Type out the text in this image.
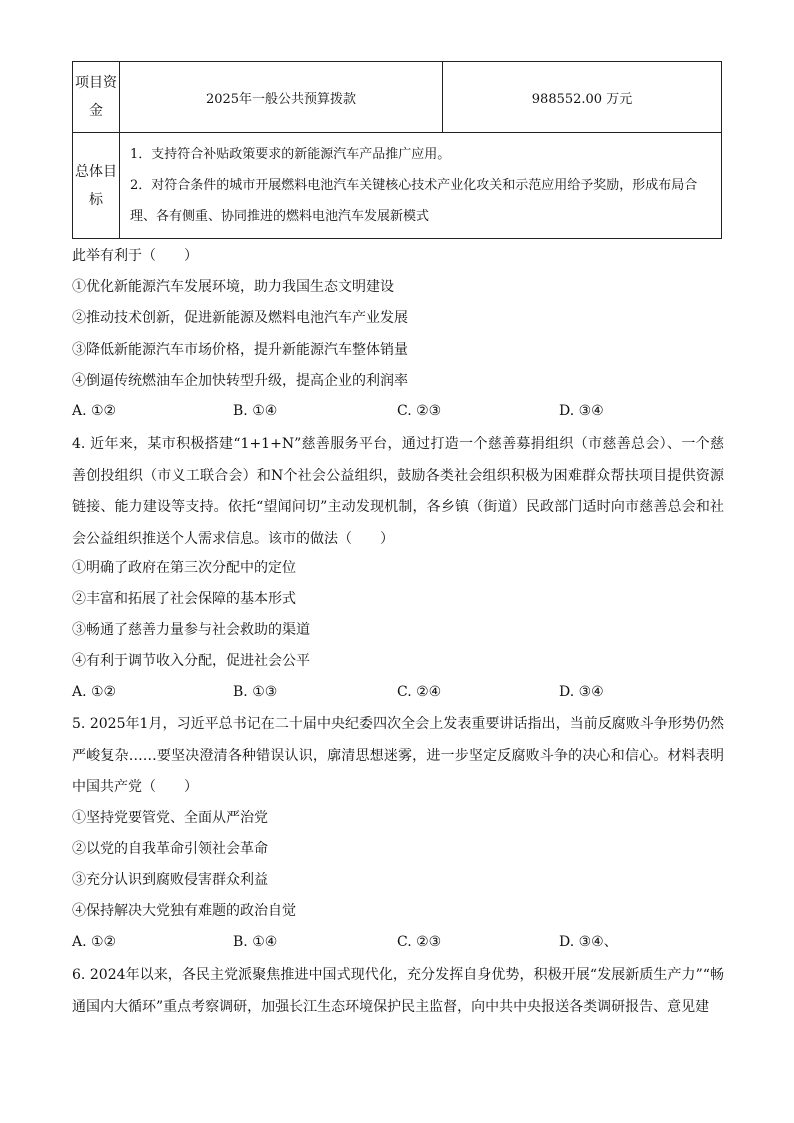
项目资金	2025年一般公共预算拨款	988552.00 万元
总体目标	1．支持符合补贴政策要求的新能源汽车产品推广应用。
2．对符合条件的城市开展燃料电池汽车关键核心技术产业化攻关和示范应用给予奖励，形成布局合理、各有侧重、协同推进的燃料电池汽车发展新模式	
此举有利于（　　）
①优化新能源汽车发展环境，助力我国生态文明建设
②推动技术创新，促进新能源及燃料电池汽车产业发展
③降低新能源汽车市场价格，提升新能源汽车整体销量
④倒逼传统燃油车企加快转型升级，提高企业的利润率
A. ①②	B. ①④	C. ②③	D. ③④
4. 近年来，某市积极搭建“1+1+N”慈善服务平台，通过打造一个慈善募捐组织（市慈善总会）、一个慈善创投组织（市义工联合会）和N个社会公益组织，鼓励各类社会组织积极为困难群众帮扶项目提供资源链接、能力建设等支持。依托“望闻问切”主动发现机制，各乡镇（街道）民政部门适时向市慈善总会和社会公益组织推送个人需求信息。该市的做法（　　）
①明确了政府在第三次分配中的定位
②丰富和拓展了社会保障的基本形式
③畅通了慈善力量参与社会救助的渠道
④有利于调节收入分配，促进社会公平
A. ①②	B. ①③	C. ②④	D. ③④
5. 2025年1月，习近平总书记在二十届中央纪委四次全会上发表重要讲话指出，当前反腐败斗争形势仍然严峻复杂……要坚决澄清各种错误认识，廓清思想迷雾，进一步坚定反腐败斗争的决心和信心。材料表明中国共产党（　　）
①坚持党要管党、全面从严治党
②以党的自我革命引领社会革命
③充分认识到腐败侵害群众利益
④保持解决大党独有难题的政治自觉
A. ①②	B. ①④	C. ②③	D. ③④、
6. 2024年以来，各民主党派聚焦推进中国式现代化，充分发挥自身优势，积极开展“发展新质生产力”“畅通国内大循环”重点考察调研，加强长江生态环境保护民主监督，向中共中央报送各类调研报告、意见建
